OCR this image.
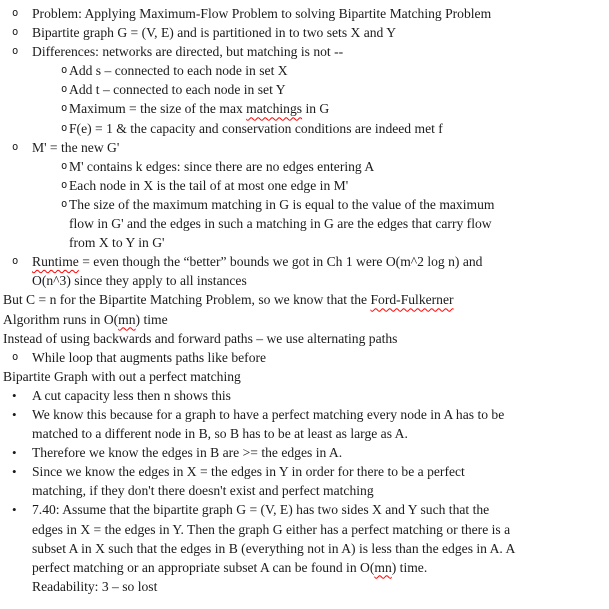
o Problem: Applying Maximum-Flow Problem to solving Bipartite Matching Problem
o Bipartite graph G = (V, E) and is partitioned in to two sets X and Y
o Differences: networks are directed, but matching is not --
o Add s – connected to each node in set X
o Add t – connected to each node in set Y
o Maximum = the size of the max matchings in G
o F(e) = 1 & the capacity and conservation conditions are indeed met f
o M' = the new G'
o M' contains k edges: since there are no edges entering A
o Each node in X is the tail of at most one edge in M'
o The size of the maximum matching in G is equal to the value of the maximum
flow in G' and the edges in such a matching in G are the edges that carry flow
from X to Y in G'
o Runtime = even though the “better” bounds we got in Ch 1 were O(m^2 log n) and
O(n^3) since they apply to all instances
But C = n for the Bipartite Matching Problem, so we know that the Ford-Fulkerner
Algorithm runs in O(mn) time
Instead of using backwards and forward paths – we use alternating paths
o While loop that augments paths like before
Bipartite Graph with out a perfect matching
• A cut capacity less then n shows this
• We know this because for a graph to have a perfect matching every node in A has to be
matched to a different node in B, so B has to be at least as large as A.
• Therefore we know the edges in B are >= the edges in A.
• Since we know the edges in X = the edges in Y in order for there to be a perfect
matching, if they don't there doesn't exist and perfect matching
• 7.40: Assume that the bipartite graph G = (V, E) has two sides X and Y such that the
edges in X = the edges in Y. Then the graph G either has a perfect matching or there is a
subset A in X such that the edges in B (everything not in A) is less than the edges in A. A
perfect matching or an appropriate subset A can be found in O(mn) time.
Readability: 3 – so lost
